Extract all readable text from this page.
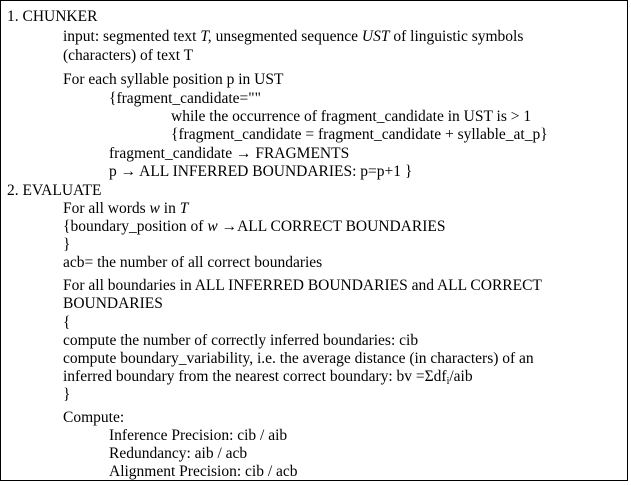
1. CHUNKER
input: segmented text T, unsegmented sequence UST of linguistic symbols
(characters) of text T
For each syllable position p in UST
{fragment_candidate=""
while the occurrence of fragment_candidate in UST is > 1
{fragment_candidate = fragment_candidate + syllable_at_p}
fragment_candidate → FRAGMENTS
p → ALL INFERRED BOUNDARIES: p=p+1 }
2. EVALUATE
For all words w in T
{boundary_position of w →ALL CORRECT BOUNDARIES
}
acb= the number of all correct boundaries
For all boundaries in ALL INFERRED BOUNDARIES and ALL CORRECT
BOUNDARIES
{
compute the number of correctly inferred boundaries: cib
compute boundary_variability, i.e. the average distance (in characters) of an
inferred boundary from the nearest correct boundary: bv =Σdf$_i$/aib
}
Compute:
Inference Precision: cib / aib
Redundancy: aib / acb
Alignment Precision: cib / acb
